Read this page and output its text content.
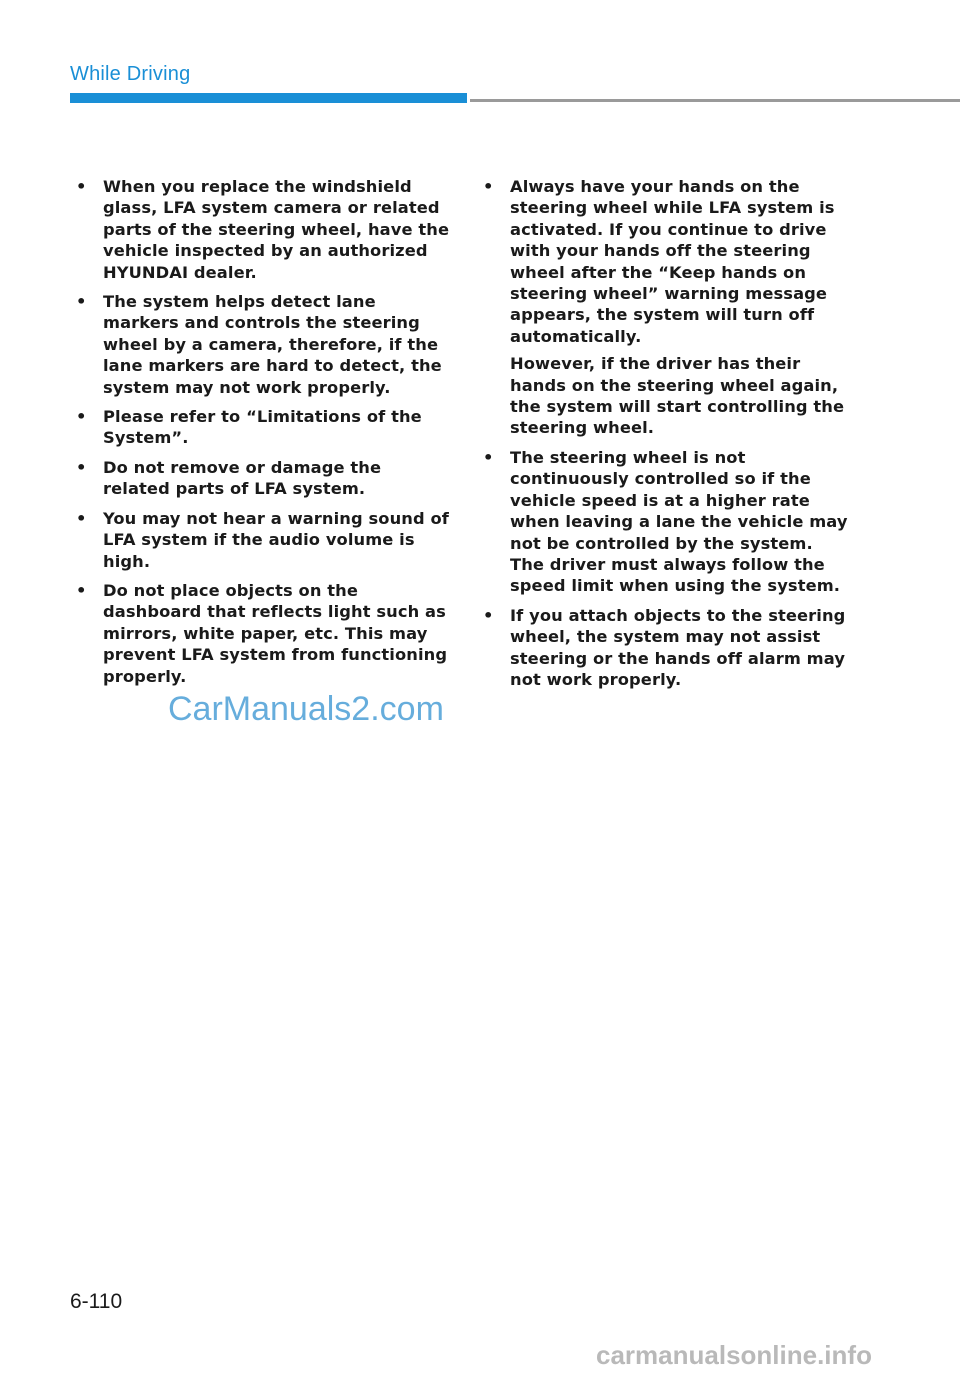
While Driving
• When you replace the windshield glass, LFA system camera or related parts of the steering wheel, have the vehicle inspected by an authorized HYUNDAI dealer.
• The system helps detect lane markers and controls the steering wheel by a camera, therefore, if the lane markers are hard to detect, the system may not work properly.
• Please refer to “Limitations of the System”.
• Do not remove or damage the related parts of LFA system.
• You may not hear a warning sound of LFA system if the audio volume is high.
• Do not place objects on the dashboard that reflects light such as mirrors, white paper, etc. This may prevent LFA system from functioning properly.
• Always have your hands on the steering wheel while LFA system is activated. If you continue to drive with your hands off the steering wheel after the “Keep hands on steering wheel” warning message appears, the system will turn off automatically.
However, if the driver has their hands on the steering wheel again, the system will start controlling the steering wheel.
• The steering wheel is not continuously controlled so if the vehicle speed is at a higher rate when leaving a lane the vehicle may not be controlled by the system. The driver must always follow the speed limit when using the system.
• If you attach objects to the steering wheel, the system may not assist steering or the hands off alarm may not work properly.
CarManuals2.com
6-110
carmanualsonline.info
